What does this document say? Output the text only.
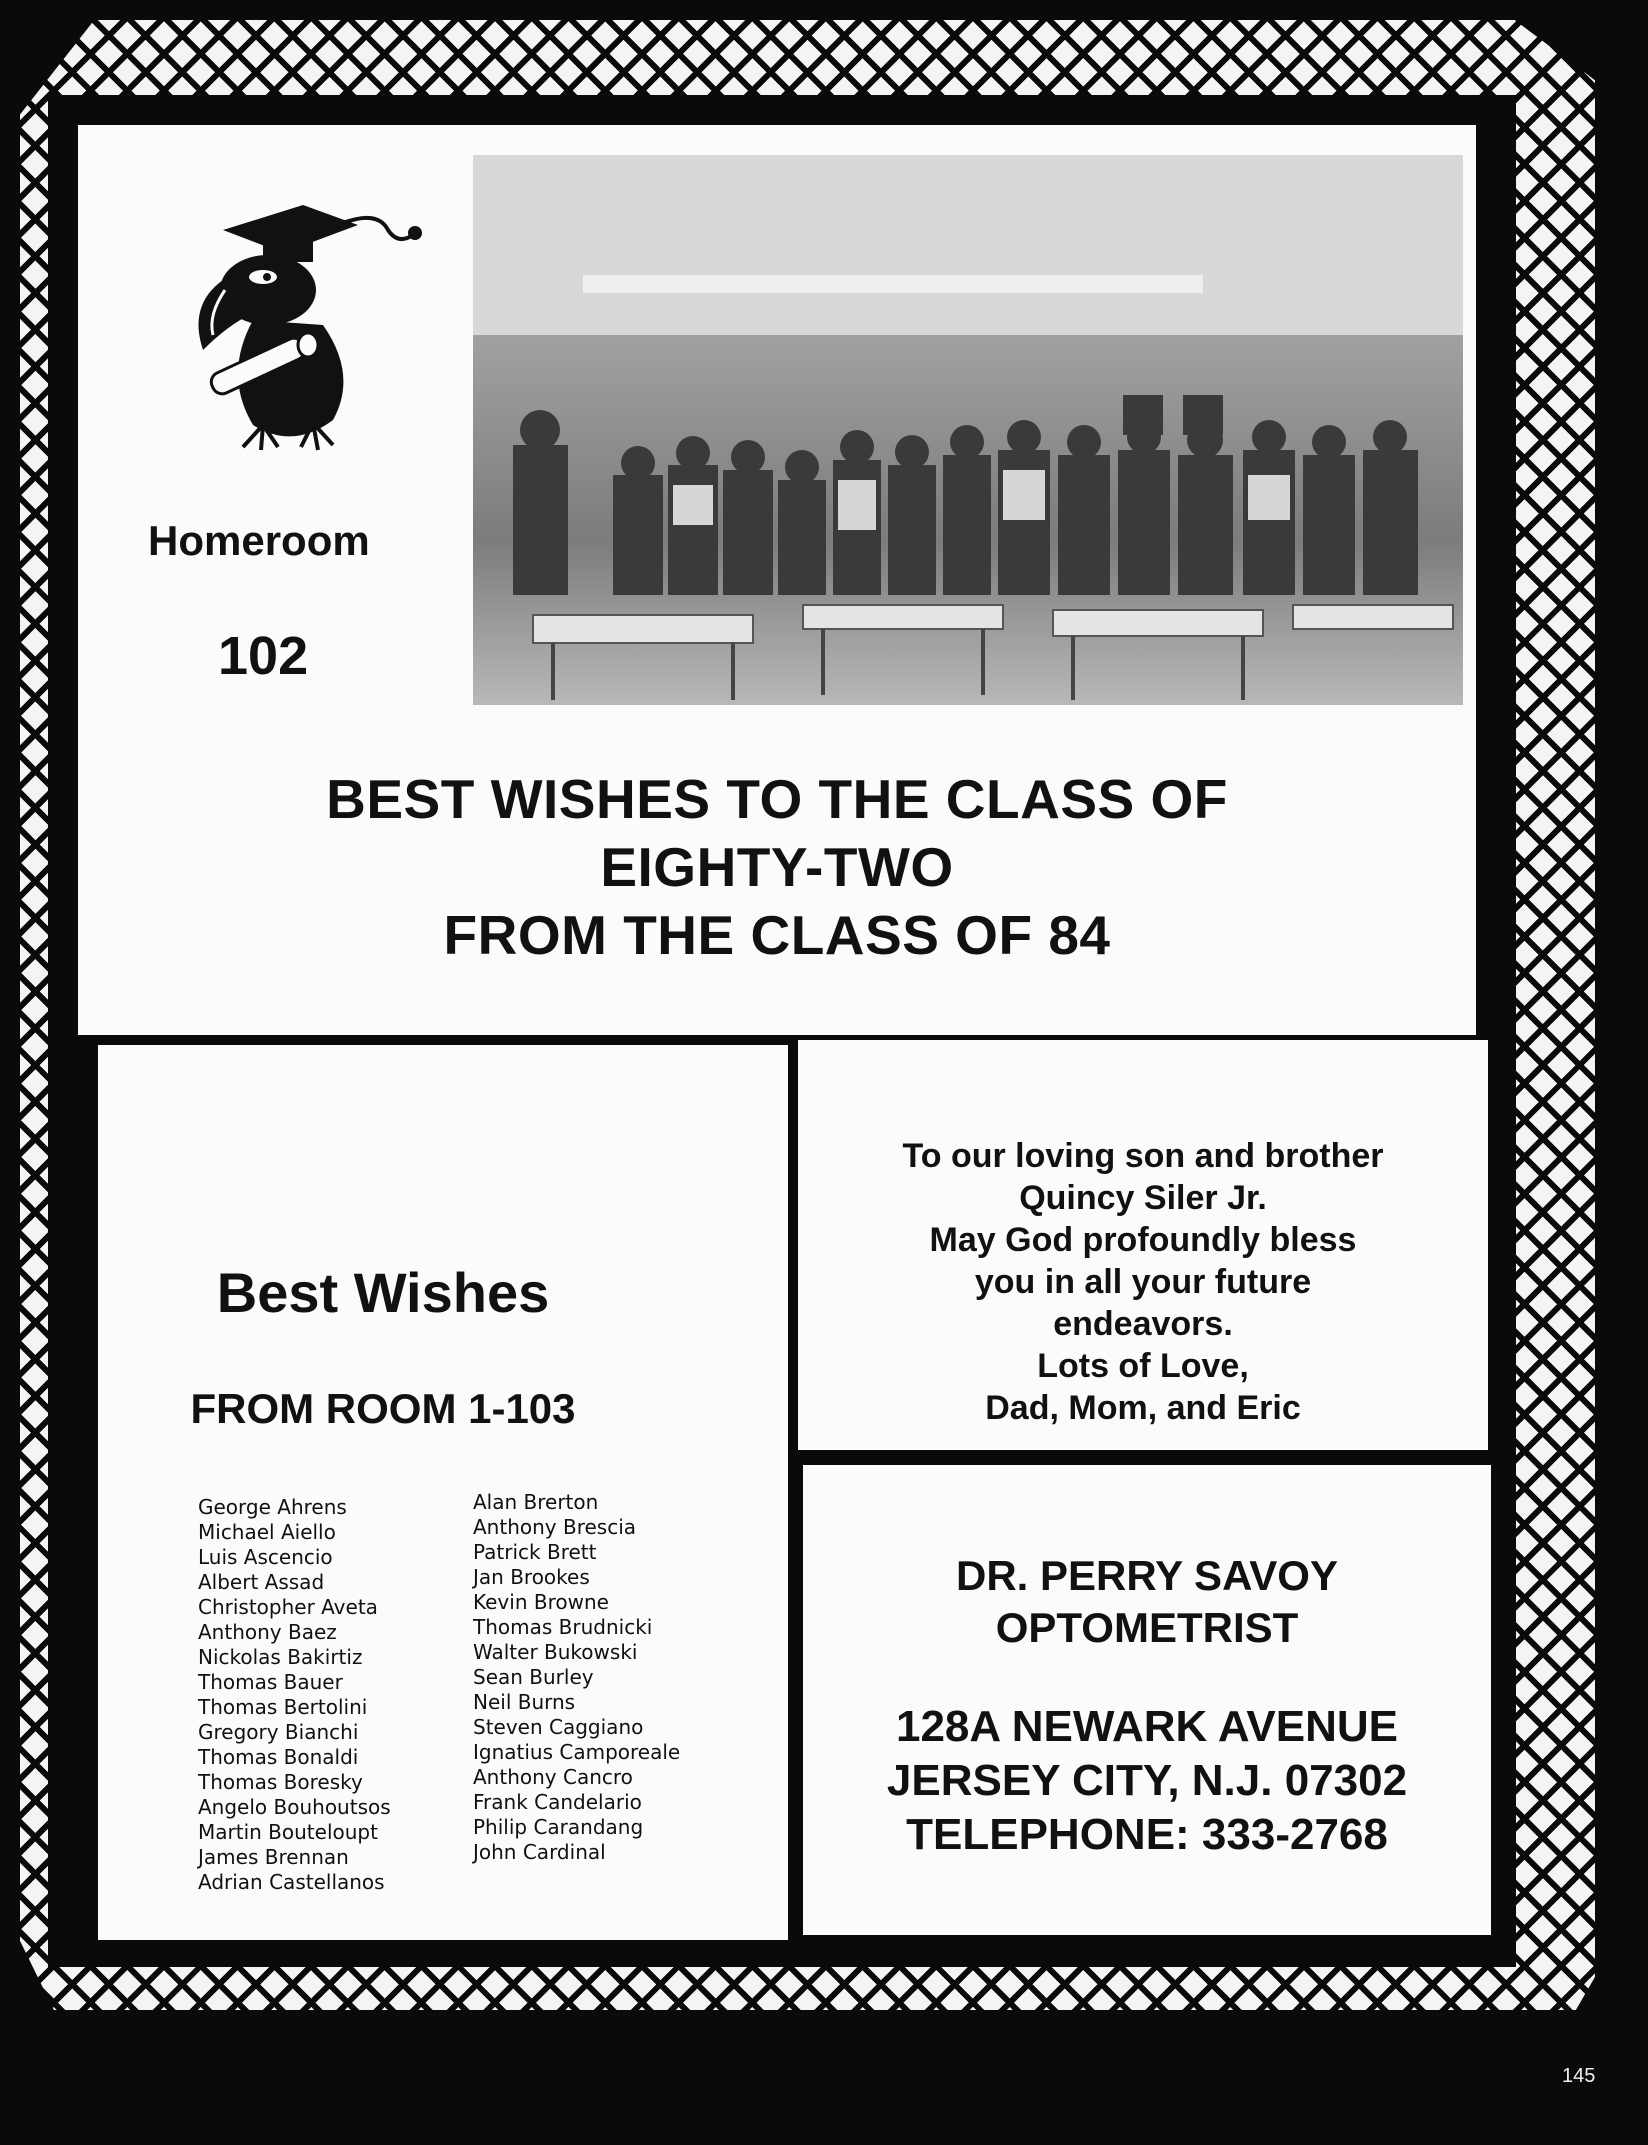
Homeroom
102
BEST WISHES TO THE CLASS OF
EIGHTY-TWO
FROM THE CLASS OF 84
Best Wishes
FROM ROOM 1-103
George Ahrens
Michael Aiello
Luis Ascencio
Albert Assad
Christopher Aveta
Anthony Baez
Nickolas Bakirtiz
Thomas Bauer
Thomas Bertolini
Gregory Bianchi
Thomas Bonaldi
Thomas Boresky
Angelo Bouhoutsos
Martin Bouteloupt
James Brennan
Adrian Castellanos
Alan Brerton
Anthony Brescia
Patrick Brett
Jan Brookes
Kevin Browne
Thomas Brudnicki
Walter Bukowski
Sean Burley
Neil Burns
Steven Caggiano
Ignatius Camporeale
Anthony Cancro
Frank Candelario
Philip Carandang
John Cardinal
To our loving son and brother
Quincy Siler Jr.
May God profoundly bless
you in all your future
endeavors.
Lots of Love,
Dad, Mom, and Eric
DR. PERRY SAVOY
OPTOMETRIST
128A NEWARK AVENUE
JERSEY CITY, N.J. 07302
TELEPHONE: 333-2768
145
